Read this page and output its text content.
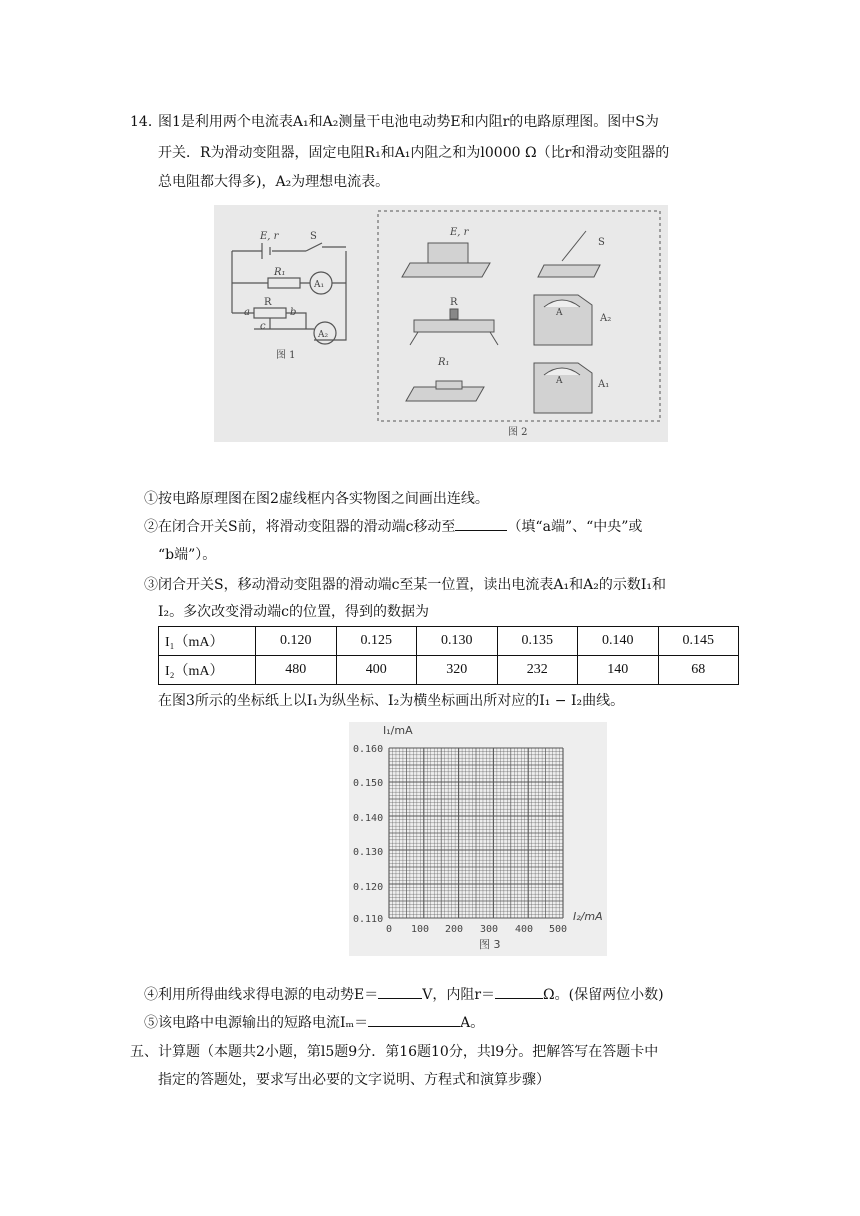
14．
图1是利用两个电流表A₁和A₂测量干电池电动势E和内阻r的电路原理图。图中S为
开关．R为滑动变阻器，固定电阻R₁和A₁内阻之和为l0000 Ω（比r和滑动变阻器的
总电阻都大得多)，A₂为理想电流表。
E, r	S
R₁
A₁
R
a	b
c
A₂
图 1
E, r
S
R
A	A₂
R₁
A	A₁
图 2
①按电路原理图在图2虚线框内各实物图之间画出连线。
②在闭合开关S前，将滑动变阻器的滑动端c移动至	（填“a端”、“中央”或
“b端”）。
③闭合开关S，移动滑动变阻器的滑动端c至某一位置，读出电流表A₁和A₂的示数I₁和
I₂。多次改变滑动端c的位置，得到的数据为
I₁（mA）	0.120	0.125	0.130	0.135	0.140	0.145
I₂（mA）	480	400	320	232	140	68
在图3所示的坐标纸上以I₁为纵坐标、I₂为横坐标画出所对应的I₁ − I₂曲线。
I₁/mA
I₂/mA
0.160
0.150
0.140
0.130
0.120
0.110
0 100 200 300 400 500
图 3
④利用所得曲线求得电源的电动势E＝	V，内阻r＝	Ω。(保留两位小数)
⑤该电路中电源输出的短路电流Iₘ＝	A。
五、计算题（本题共2小题，第l5题9分．第16题10分，共l9分。把解答写在答题卡中
指定的答题处，要求写出必要的文字说明、方程式和演算步骤）
